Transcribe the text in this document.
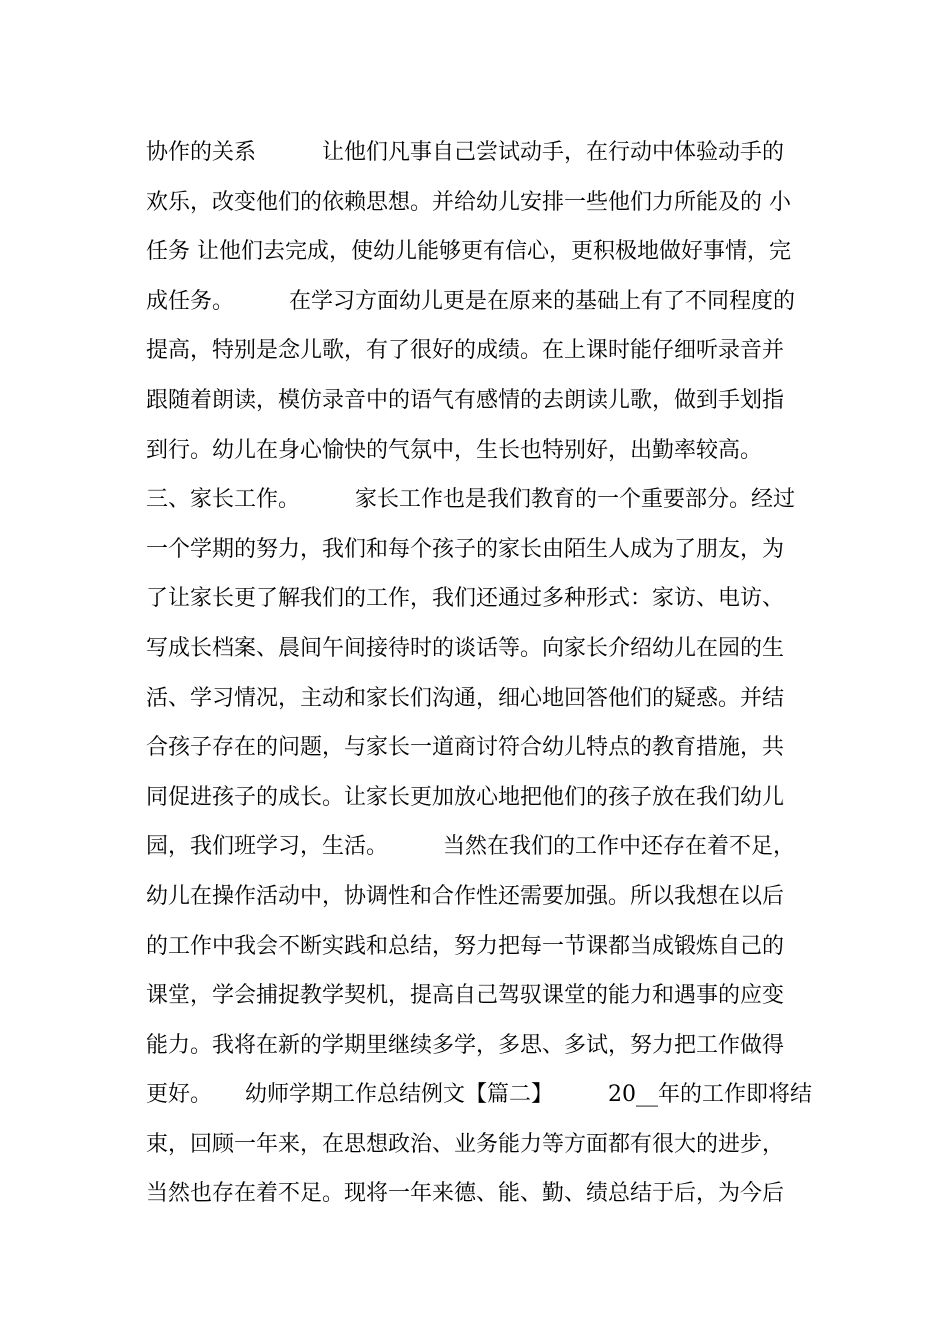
协作的关系　　　让他们凡事自己尝试动手，在行动中体验动手的
欢乐，改变他们的依赖思想。并给幼儿安排一些他们力所能及的 小
任务 让他们去完成，使幼儿能够更有信心，更积极地做好事情，完
成任务。　　　在学习方面幼儿更是在原来的基础上有了不同程度的
提高，特别是念儿歌，有了很好的成绩。在上课时能仔细听录音并
跟随着朗读，模仿录音中的语气有感情的去朗读儿歌，做到手划指
到行。幼儿在身心愉快的气氛中，生长也特别好，出勤率较高。
三、家长工作。　　　家长工作也是我们教育的一个重要部分。经过
一个学期的努力，我们和每个孩子的家长由陌生人成为了朋友，为
了让家长更了解我们的工作，我们还通过多种形式：家访、电访、
写成长档案、晨间午间接待时的谈话等。向家长介绍幼儿在园的生
活、学习情况，主动和家长们沟通，细心地回答他们的疑惑。并结
合孩子存在的问题，与家长一道商讨符合幼儿特点的教育措施，共
同促进孩子的成长。让家长更加放心地把他们的孩子放在我们幼儿
园，我们班学习，生活。　　　当然在我们的工作中还存在着不足，
幼儿在操作活动中，协调性和合作性还需要加强。所以我想在以后
的工作中我会不断实践和总结，努力把每一节课都当成锻炼自己的
课堂，学会捕捉教学契机，提高自己驾驭课堂的能力和遇事的应变
能力。我将在新的学期里继续多学，多思、多试，努力把工作做得
更好。　　幼师学期工作总结例文【篇二】　　　20__年的工作即将结
束，回顾一年来，在思想政治、业务能力等方面都有很大的进步，
当然也存在着不足。现将一年来德、能、勤、绩总结于后，为今后
